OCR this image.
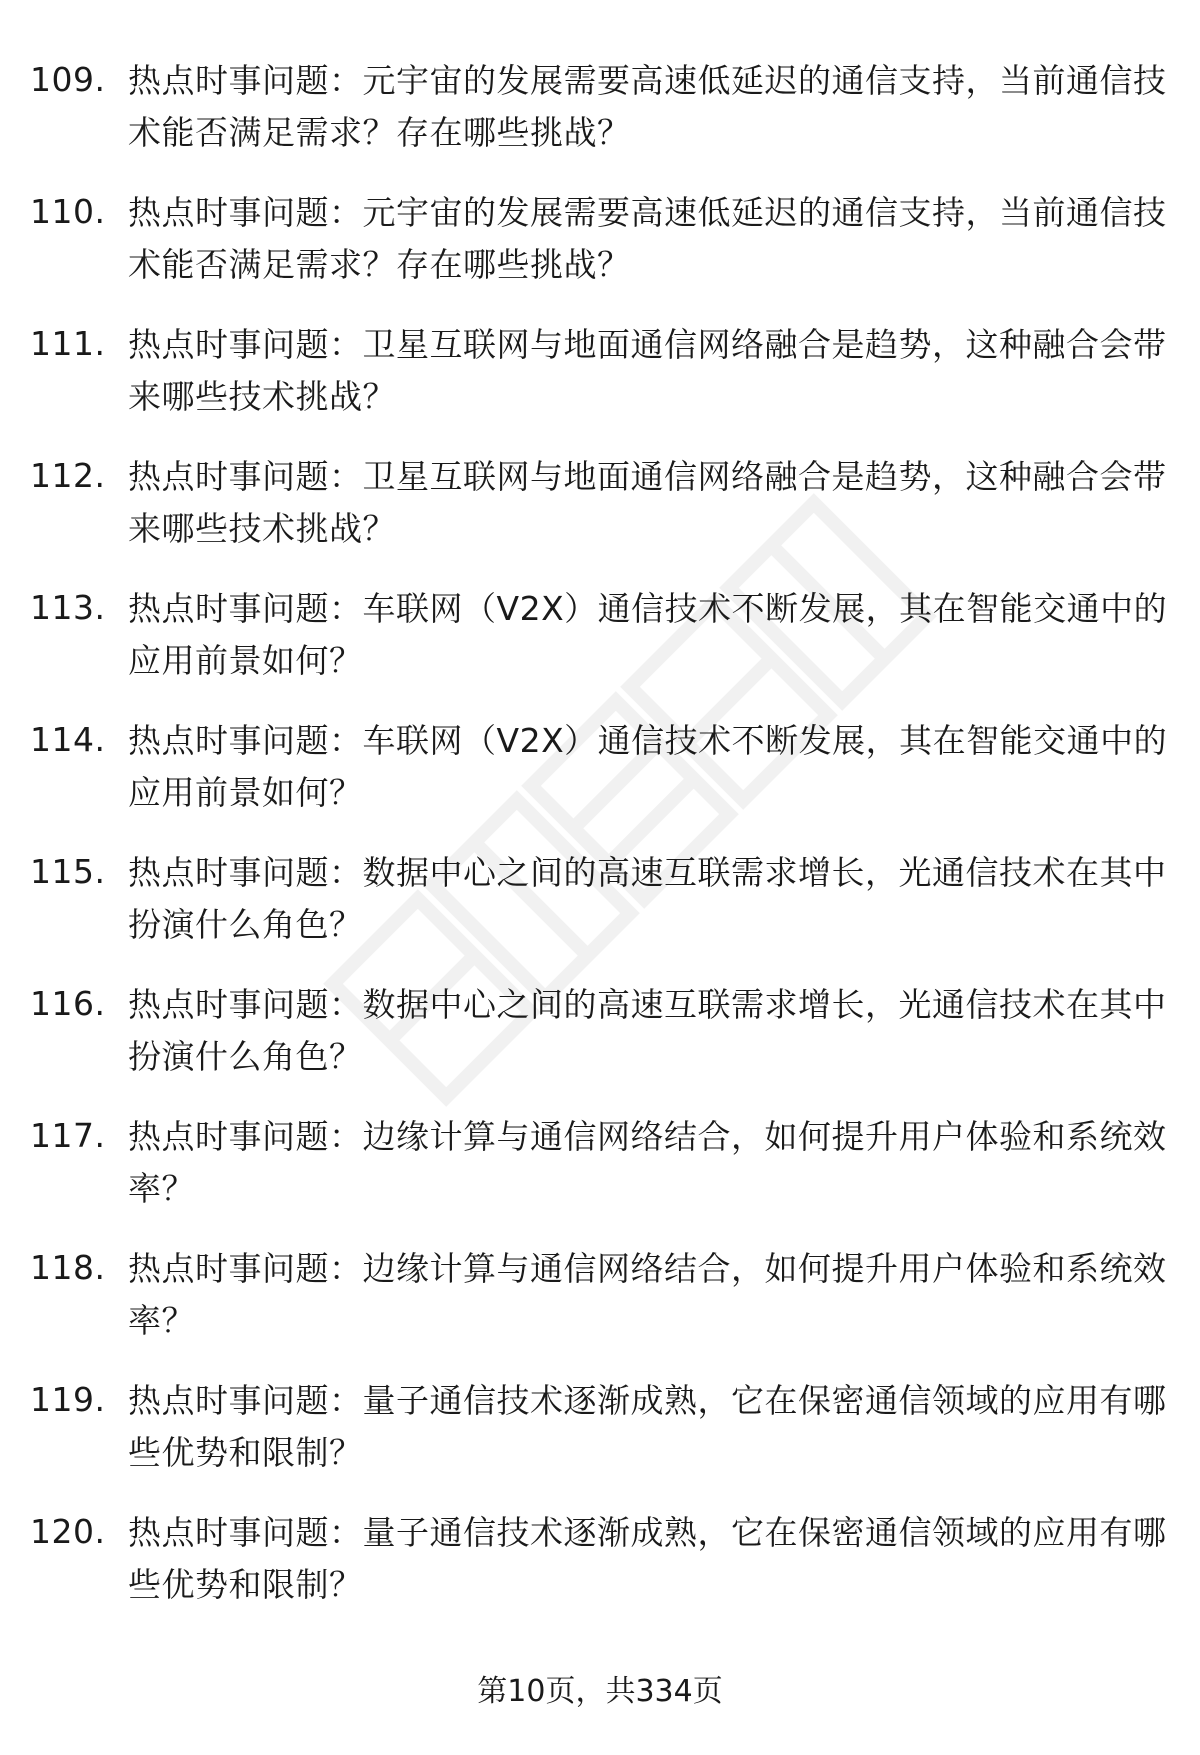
109. 热点时事问题：元宇宙的发展需要高速低延迟的通信支持，当前通信技术能否满足需求？存在哪些挑战？
110. 热点时事问题：元宇宙的发展需要高速低延迟的通信支持，当前通信技术能否满足需求？存在哪些挑战？
111. 热点时事问题：卫星互联网与地面通信网络融合是趋势，这种融合会带来哪些技术挑战？
112. 热点时事问题：卫星互联网与地面通信网络融合是趋势，这种融合会带来哪些技术挑战？
113. 热点时事问题：车联网（V2X）通信技术不断发展，其在智能交通中的应用前景如何？
114. 热点时事问题：车联网（V2X）通信技术不断发展，其在智能交通中的应用前景如何？
115. 热点时事问题：数据中心之间的高速互联需求增长，光通信技术在其中扮演什么角色？
116. 热点时事问题：数据中心之间的高速互联需求增长，光通信技术在其中扮演什么角色？
117. 热点时事问题：边缘计算与通信网络结合，如何提升用户体验和系统效率？
118. 热点时事问题：边缘计算与通信网络结合，如何提升用户体验和系统效率？
119. 热点时事问题：量子通信技术逐渐成熟，它在保密通信领域的应用有哪些优势和限制？
120. 热点时事问题：量子通信技术逐渐成熟，它在保密通信领域的应用有哪些优势和限制？
第10页，共334页
